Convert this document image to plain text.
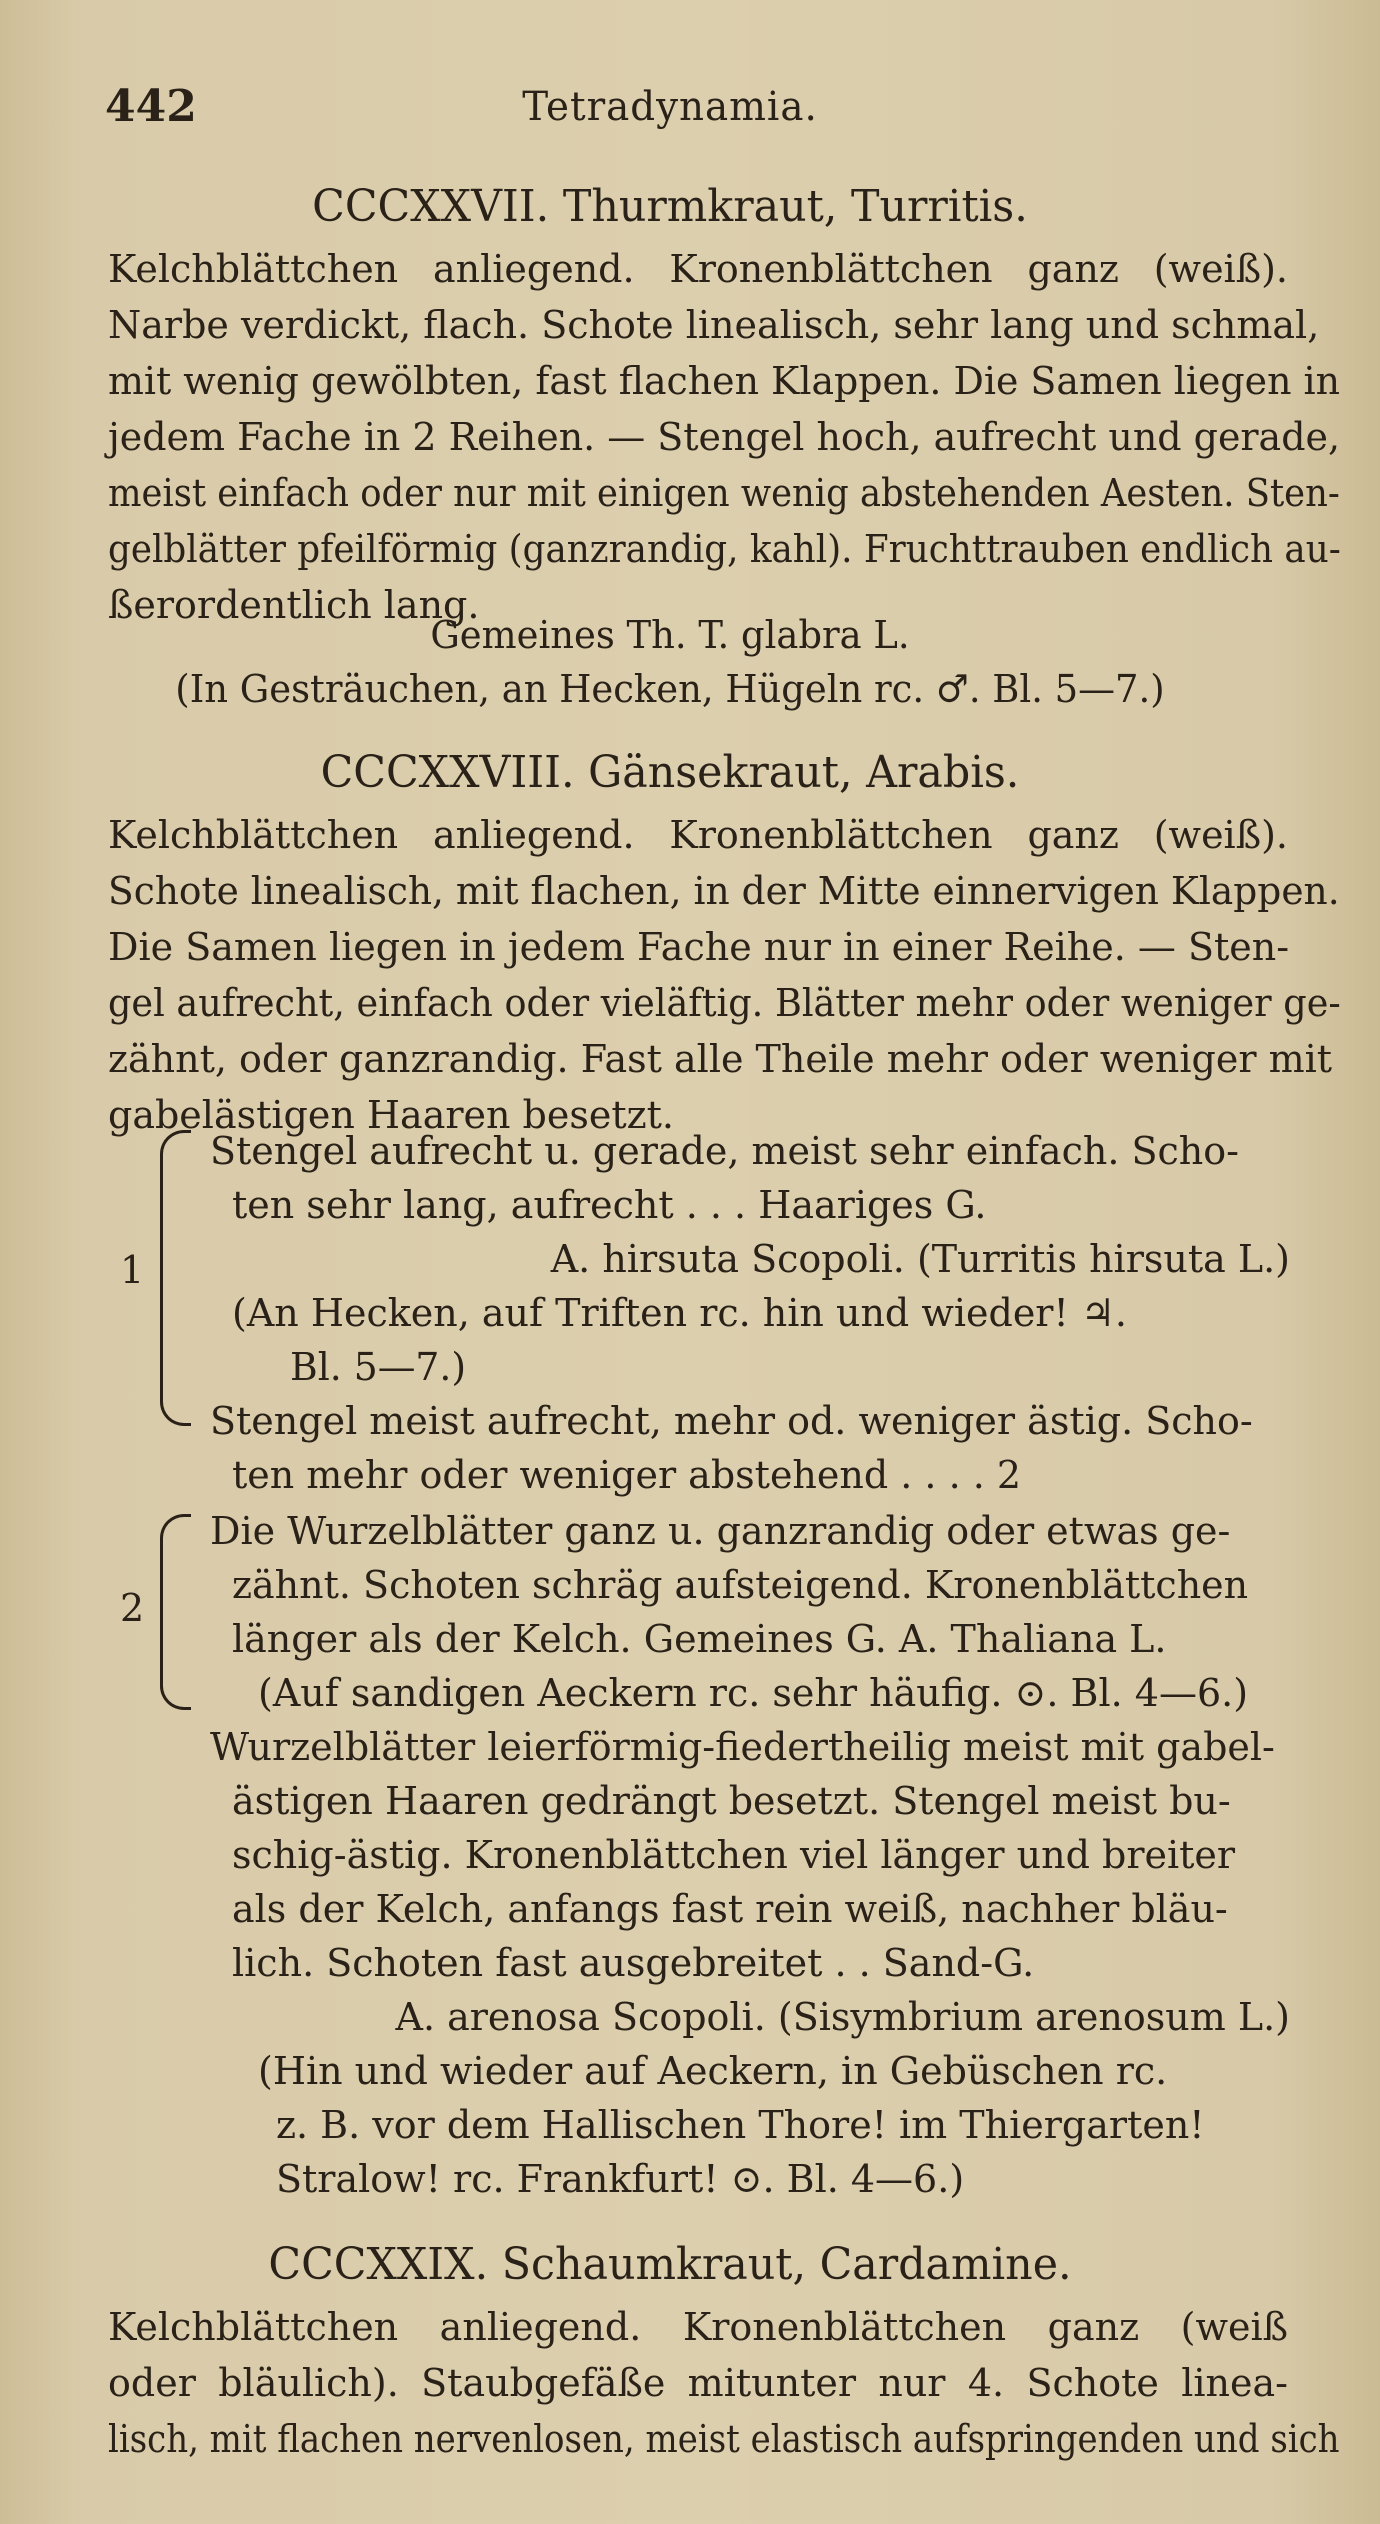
442	Tetradynamia.
CCCXXVII. Thurmkraut, Turritis.
Kelchblättchen anliegend. Kronenblättchen ganz (weiß).
Narbe verdickt, flach. Schote linealisch, sehr lang und schmal,
mit wenig gewölbten, fast flachen Klappen. Die Samen liegen in
jedem Fache in 2 Reihen. — Stengel hoch, aufrecht und gerade,
meist einfach oder nur mit einigen wenig abstehenden Aesten. Sten-
gelblätter pfeilförmig (ganzrandig, kahl). Fruchttrauben endlich au-
ßerordentlich lang.
Gemeines Th. T. glabra L.
(In Gesträuchen, an Hecken, Hügeln rc. ♂. Bl. 5—7.)
CCCXXVIII. Gänsekraut, Arabis.
Kelchblättchen anliegend. Kronenblättchen ganz (weiß).
Schote linealisch, mit flachen, in der Mitte einnervigen Klappen.
Die Samen liegen in jedem Fache nur in einer Reihe. — Sten-
gel aufrecht, einfach oder vieläftig. Blätter mehr oder weniger ge-
zähnt, oder ganzrandig. Fast alle Theile mehr oder weniger mit
gabelästigen Haaren besetzt.
1
Stengel aufrecht u. gerade, meist sehr einfach. Scho-
ten sehr lang, aufrecht . . . Haariges G.
A. hirsuta Scopoli. (Turritis hirsuta L.)
(An Hecken, auf Triften rc. hin und wieder! ♃.
Bl. 5—7.)
Stengel meist aufrecht, mehr od. weniger ästig. Scho-
ten mehr oder weniger abstehend . . . . 2
2
Die Wurzelblätter ganz u. ganzrandig oder etwas ge-
zähnt. Schoten schräg aufsteigend. Kronenblättchen
länger als der Kelch. Gemeines G. A. Thaliana L.
(Auf sandigen Aeckern rc. sehr häufig. ⊙. Bl. 4—6.)
Wurzelblätter leierförmig-fiedertheilig meist mit gabel-
ästigen Haaren gedrängt besetzt. Stengel meist bu-
schig-ästig. Kronenblättchen viel länger und breiter
als der Kelch, anfangs fast rein weiß, nachher bläu-
lich. Schoten fast ausgebreitet . . Sand-G.
A. arenosa Scopoli. (Sisymbrium arenosum L.)
(Hin und wieder auf Aeckern, in Gebüschen rc.
z. B. vor dem Hallischen Thore! im Thiergarten!
Stralow! rc. Frankfurt! ⊙. Bl. 4—6.)
CCCXXIX. Schaumkraut, Cardamine.
Kelchblättchen anliegend. Kronenblättchen ganz (weiß
oder bläulich). Staubgefäße mitunter nur 4. Schote linea-
lisch, mit flachen nervenlosen, meist elastisch aufspringenden und sich
